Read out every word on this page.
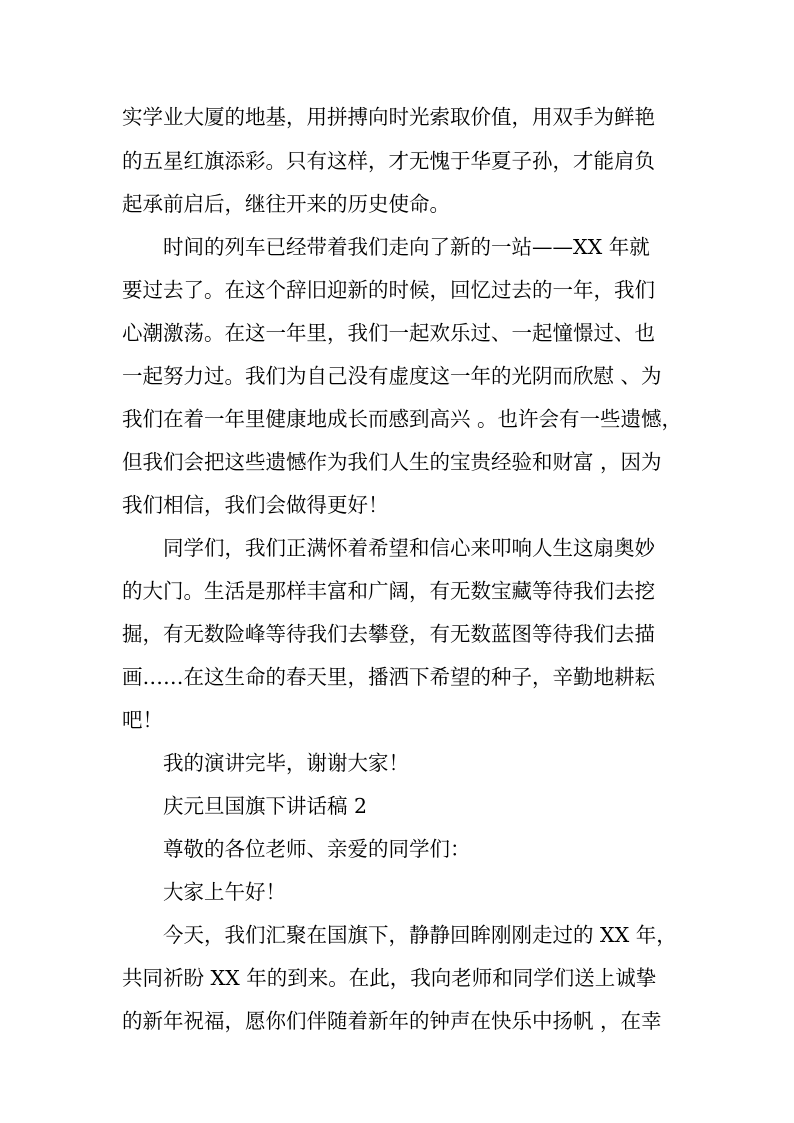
实学业大厦的地基，用拼搏向时光索取价值，用双手为鲜艳
的五星红旗添彩。只有这样，才无愧于华夏子孙，才能肩负
起承前启后，继往开来的历史使命。
时间的列车已经带着我们走向了新的一站——XX 年就
要过去了。在这个辞旧迎新的时候，回忆过去的一年，我们
心潮激荡。在这一年里，我们一起欢乐过、一起憧憬过、也
一起努力过。我们为自己没有虚度这一年的光阴而欣慰 、为
我们在着一年里健康地成长而感到高兴 。也许会有一些遗憾，
但我们会把这些遗憾作为我们人生的宝贵经验和财富 ，因为
我们相信，我们会做得更好！
同学们，我们正满怀着希望和信心来叩响人生这扇奥妙
的大门。生活是那样丰富和广阔，有无数宝藏等待我们去挖
掘，有无数险峰等待我们去攀登，有无数蓝图等待我们去描
画……在这生命的春天里，播洒下希望的种子，辛勤地耕耘
吧！
我的演讲完毕，谢谢大家！
庆元旦国旗下讲话稿 2
尊敬的各位老师、亲爱的同学们：
大家上午好！
今天，我们汇聚在国旗下，静静回眸刚刚走过的 XX 年，
共同祈盼 XX 年的到来。在此，我向老师和同学们送上诚挚
的新年祝福，愿你们伴随着新年的钟声在快乐中扬帆 ，在幸
